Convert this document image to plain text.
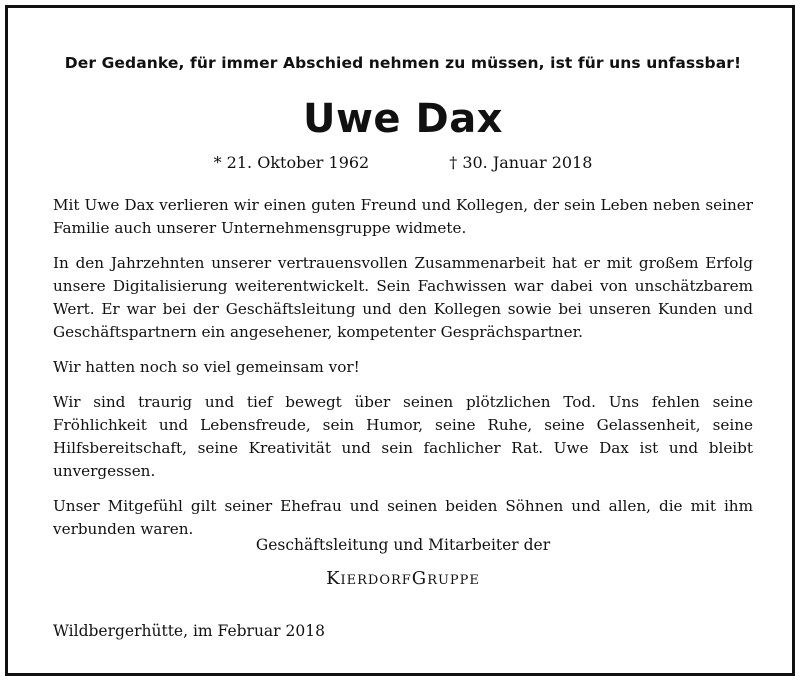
Der Gedanke, für immer Abschied nehmen zu müssen, ist für uns unfassbar!
Uwe Dax
* 21. Oktober 1962	† 30. Januar 2018

Mit Uwe Dax verlieren wir einen guten Freund und Kollegen, der sein Leben neben seiner Familie auch unserer Unternehmensgruppe widmete.

In den Jahrzehnten unserer vertrauensvollen Zusammenarbeit hat er mit großem Erfolg unsere Digitalisierung weiterentwickelt. Sein Fachwissen war dabei von unschätzbarem Wert. Er war bei der Geschäftsleitung und den Kollegen sowie bei unseren Kunden und Geschäftspartnern ein angesehener, kompetenter Gesprächspartner.

Wir hatten noch so viel gemeinsam vor!

Wir sind traurig und tief bewegt über seinen plötzlichen Tod. Uns fehlen seine Fröhlichkeit und Lebensfreude, sein Humor, seine Ruhe, seine Gelassenheit, seine Hilfsbereitschaft, seine Kreativität und sein fachlicher Rat. Uwe Dax ist und bleibt unvergessen.

Unser Mitgefühl gilt seiner Ehefrau und seinen beiden Söhnen und allen, die mit ihm verbunden waren.

Geschäftsleitung und Mitarbeiter der
KierdorfGruppe
Wildbergerhütte, im Februar 2018
